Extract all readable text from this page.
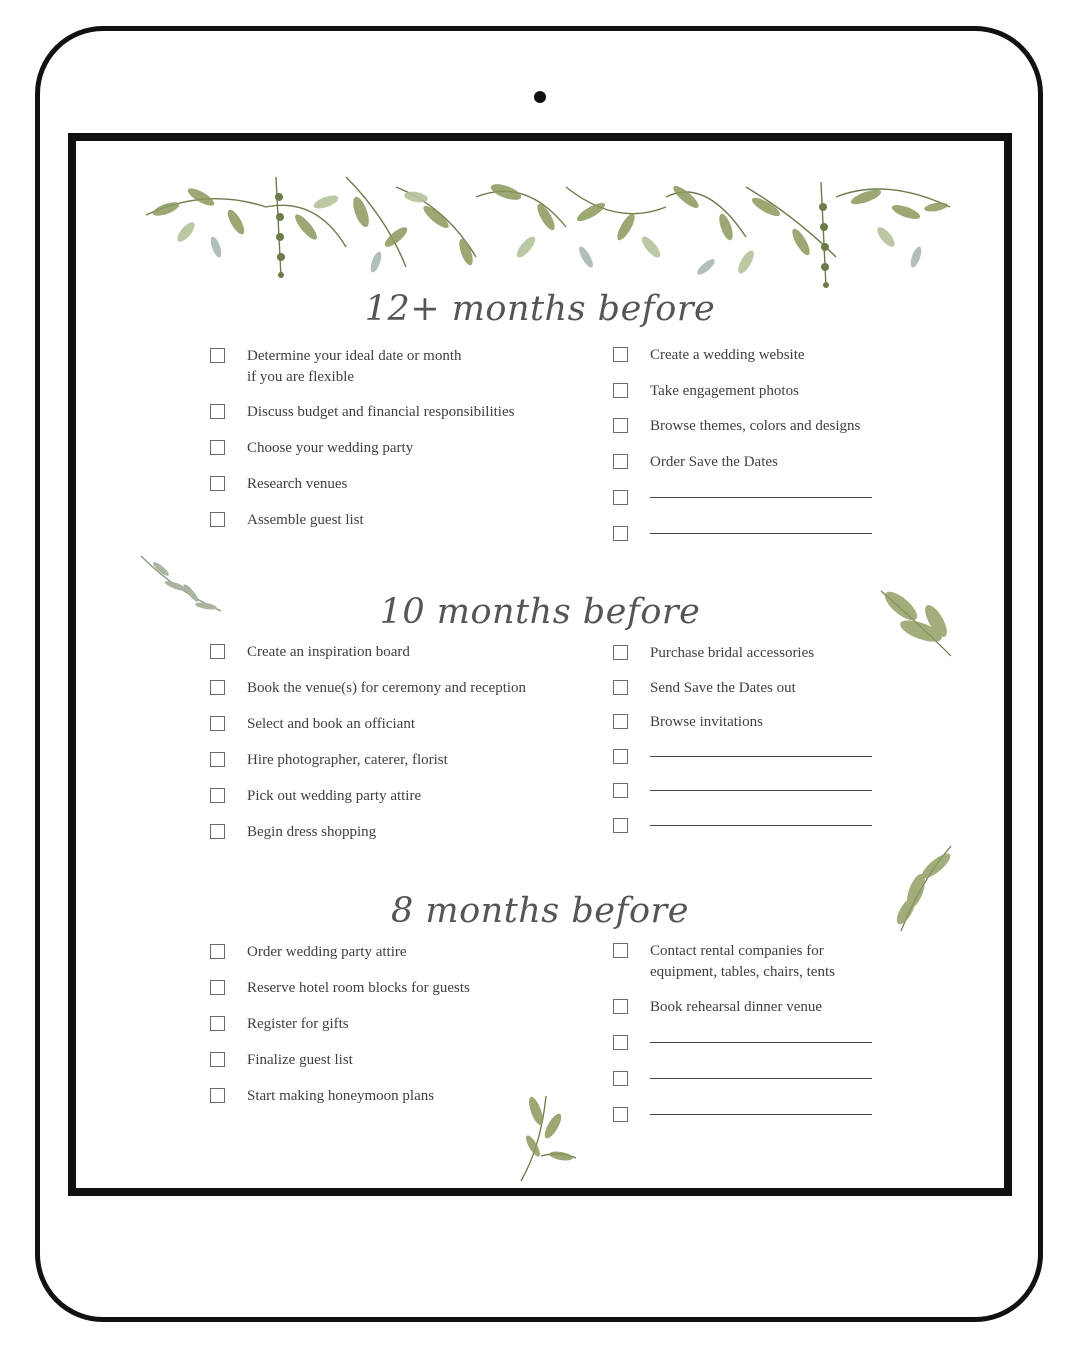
12+ months before
Determine your ideal date or month
if you are flexible
Discuss budget and financial responsibilities
Choose your wedding party
Research venues
Assemble guest list
Create a wedding website
Take engagement photos
Browse themes, colors and designs
Order Save the Dates
10 months before
Create an inspiration board
Book the venue(s) for ceremony and reception
Select and book an officiant
Hire photographer, caterer, florist
Pick out wedding party attire
Begin dress shopping
Purchase bridal accessories
Send Save the Dates out
Browse invitations
8 months before
Order wedding party attire
Reserve hotel room blocks for guests
Register for gifts
Finalize guest list
Start making honeymoon plans
Contact rental companies for
equipment, tables, chairs, tents
Book rehearsal dinner venue
